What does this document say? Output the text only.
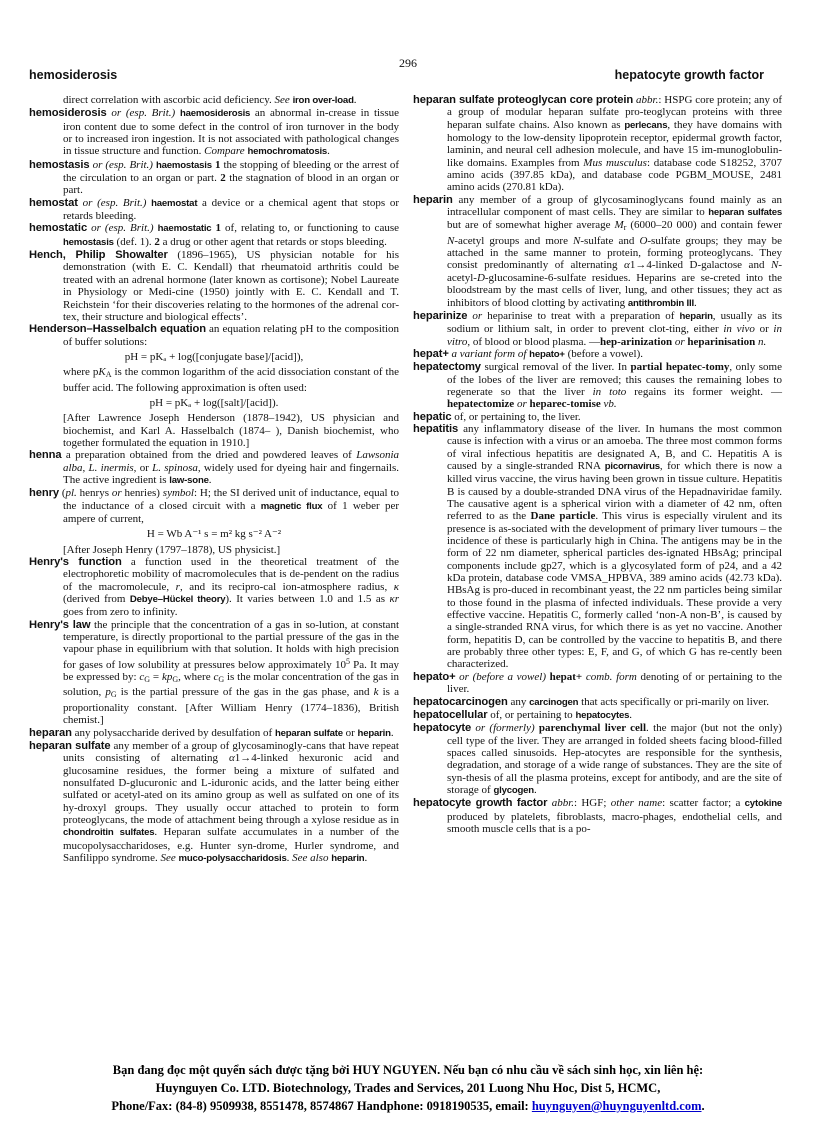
296
hemosiderosis	hepatocyte growth factor

direct correlation with ascorbic acid deficiency. See iron over-load.

hemosiderosis or (esp. Brit.) haemosiderosis an abnormal in-crease in tissue iron content due to some defect in the control of iron turnover in the body or to increased iron ingestion. It is not associated with pathological changes in tissue structure and function. Compare hemochromatosis.

hemostasis or (esp. Brit.) haemostasis 1 the stopping of bleeding or the arrest of the circulation to an organ or part. 2 the stagnation of blood in an organ or part.

hemostat or (esp. Brit.) haemostat a device or a chemical agent that stops or retards bleeding.

hemostatic or (esp. Brit.) haemostatic 1 of, relating to, or functioning to cause hemostasis (def. 1). 2 a drug or other agent that retards or stops bleeding.

Hench, Philip Showalter (1896–1965), US physician notable for his demonstration (with E. C. Kendall) that rheumatoid arthritis could be treated with an adrenal hormone (later known as cortisone); Nobel Laureate in Physiology or Medi-cine (1950) jointly with E. C. Kendall and T. Reichstein ‘for their discoveries relating to the hormones of the adrenal cor-tex, their structure and biological effects’.

Henderson–Hasselbalch equation an equation relating pH to the composition of buffer solutions:

pH = pKₐ + log([conjugate base]/[acid]),

where $pK_A$ is the common logarithm of the acid dissociation constant of the buffer acid. The following approximation is often used:

pH = pKₐ + log([salt]/[acid]).

[After Lawrence Joseph Henderson (1878–1942), US physician and biochemist, and Karl A. Hasselbalch (1874– ), Danish biochemist, who together formulated the equation in 1910.]

henna a preparation obtained from the dried and powdered leaves of Lawsonia alba, L. inermis, or L. spinosa, widely used for dyeing hair and fingernails. The active ingredient is law-sone.

henry (pl. henrys or henries) symbol: H; the SI derived unit of inductance, equal to the inductance of a closed circuit with a magnetic flux of 1 weber per ampere of current,

H = Wb A⁻¹ s = m² kg s⁻² A⁻²

[After Joseph Henry (1797–1878), US physicist.]

Henry's function a function used in the theoretical treatment of the electrophoretic mobility of macromolecules that is de-pendent on the radius of the macromolecule, r, and its recipro-cal ion-atmosphere radius, κ (derived from Debye–Hückel theory). It varies between 1.0 and 1.5 as κr goes from zero to infinity.

Henry's law the principle that the concentration of a gas in so-lution, at constant temperature, is directly proportional to the partial pressure of the gas in the vapour phase in equilibrium with that solution. It holds with high precision for gases of low solubility at pressures below approximately $10^5$ Pa. It may be expressed by: $c_G = kp_G$, where $c_G$ is the molar concentration of the gas in solution, $p_G$ is the partial pressure of the gas in the gas phase, and k is a proportionality constant. [After William Henry (1774–1836), British chemist.]

heparan any polysaccharide derived by desulfation of heparan sulfate or heparin.

heparan sulfate any member of a group of glycosaminogly-cans that have repeat units consisting of alternating α1→4-linked hexuronic acid and glucosamine residues, the former being a mixture of sulfated and nonsulfated D-glucuronic and L-iduronic acids, and the latter being either sulfated or acetyl-ated on its amino group as well as sulfated on one of its hy-droxyl groups. They usually occur attached to protein to form proteoglycans, the mode of attachment being through a xylose residue as in chondroitin sulfates. Heparan sulfate accumulates in a number of the mucopolysaccharidoses, e.g. Hunter syn-drome, Hurler syndrome, and Sanfilippo syndrome. See muco-polysaccharidosis. See also heparin.

heparan sulfate proteoglycan core protein abbr.: HSPG core protein; any of a group of modular heparan sulfate pro-teoglycan proteins with three heparan sulfate chains. Also known as perlecans, they have domains with homology to the low-density lipoprotein receptor, epidermal growth factor, laminin, and neural cell adhesion molecule, and have 15 im-munoglobulin-like domains. Examples from Mus musculus: database code S18252, 3707 amino acids (397.85 kDa), and database code PGBM_MOUSE, 2481 amino acids (270.81 kDa).

heparin any member of a group of glycosaminoglycans found mainly as an intracellular component of mast cells. They are similar to heparan sulfates but are of somewhat higher average $M_r$ (6000–20 000) and contain fewer N-acetyl groups and more N-sulfate and O-sulfate groups; they may be attached in the same manner to protein, forming proteoglycans. They consist predominantly of alternating α1→4-linked D-galactose and N-acetyl-D-glucosamine-6-sulfate residues. Heparins are se-creted into the bloodstream by the mast cells of liver, lung, and other tissues; they act as inhibitors of blood clotting by activating antithrombin III.

heparinize or heparinise to treat with a preparation of heparin, usually as its sodium or lithium salt, in order to prevent clot-ting, either in vivo or in vitro, of blood or blood plasma. —hep-arinization or heparinisation n.

hepat+ a variant form of hepato+ (before a vowel).

hepatectomy surgical removal of the liver. In partial hepatec-tomy, only some of the lobes of the liver are removed; this causes the remaining lobes to regenerate so that the liver in toto regains its former weight. —hepatectomize or heparec-tomise vb.

hepatic of, or pertaining to, the liver.

hepatitis any inflammatory disease of the liver. In humans the most common cause is infection with a virus or an amoeba. The three most common forms of viral infectious hepatitis are designated A, B, and C. Hepatitis A is caused by a single-stranded RNA picornavirus, for which there is now a killed virus vaccine, the virus having been grown in tissue culture. Hepatitis B is caused by a double-stranded DNA virus of the Hepadnaviridae family. The causative agent is a spherical virion with a diameter of 42 nm, often referred to as the Dane particle. This virus is especially virulent and its presence is as-sociated with the development of primary liver tumours – the incidence of these is particularly high in China. The antigens may be in the form of 22 nm diameter, spherical particles des-ignated HBsAg; principal components include gp27, which is a glycosylated form of p24, and a 42 kDa protein, database code VMSA_HPBVA, 389 amino acids (42.73 kDa). HBsAg is pro-duced in recombinant yeast, the 22 nm particles being similar to those found in the plasma of infected individuals. These provide a very effective vaccine. Hepatitis C, formerly called ‘non-A non-B’, is caused by a single-stranded RNA virus, for which there is as yet no vaccine. Another form, hepatitis D, can be controlled by the vaccine to hepatitis B, and there are probably three other types: E, F, and G, of which G has re-cently been characterized.

hepato+ or (before a vowel) hepat+ comb. form denoting of or pertaining to the liver.

hepatocarcinogen any carcinogen that acts specifically or pri-marily on liver.

hepatocellular of, or pertaining to hepatocytes.

hepatocyte or (formerly) parenchymal liver cell. the major (but not the only) cell type of the liver. They are arranged in folded sheets facing blood-filled spaces called sinusoids. Hep-atocytes are responsible for the synthesis, degradation, and storage of a wide range of substances. They are the site of syn-thesis of all the plasma proteins, except for antibody, and are the site of storage of glycogen.

hepatocyte growth factor abbr.: HGF; other name: scatter factor; a cytokine produced by platelets, fibroblasts, macro-phages, endothelial cells, and smooth muscle cells that is a po-

Bạn đang đọc một quyển sách được tặng bởi HUY NGUYEN. Nếu bạn có nhu cầu về sách sinh học, xin liên hệ:
Huynguyen Co. LTD. Biotechnology, Trades and Services, 201 Luong Nhu Hoc, Dist 5, HCMC,
Phone/Fax: (84-8) 9509938, 8551478, 8574867 Handphone: 0918190535, email: huynguyen@huynguyenltd.com.
